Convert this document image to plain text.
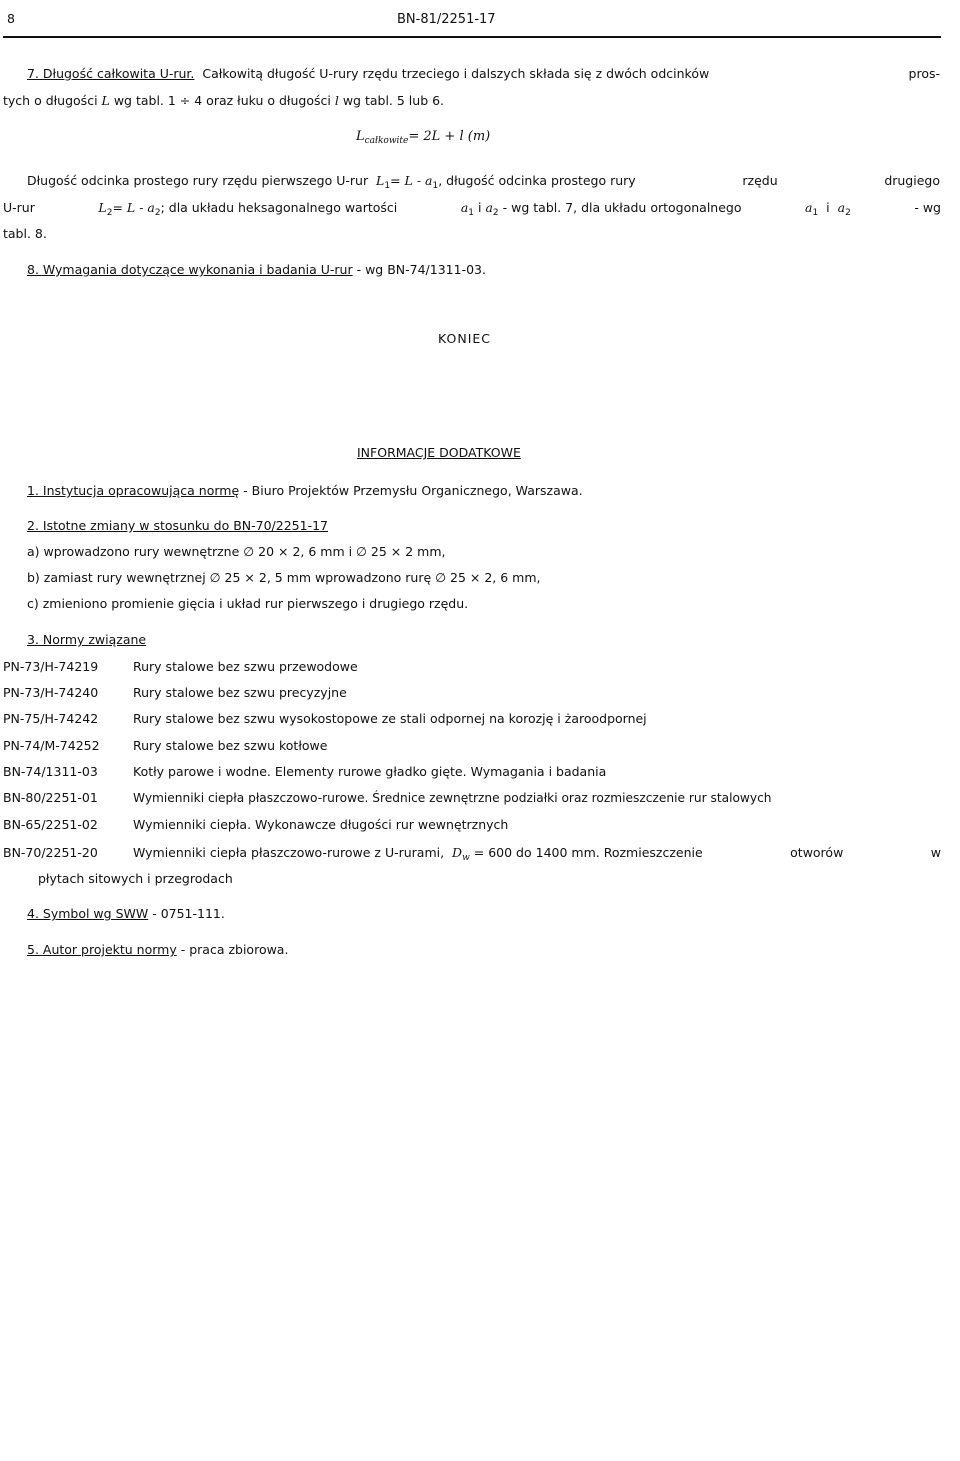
8	BN-81/2251-17
7. Długość całkowita U-rur. Całkowitą długość U-rury rzędu trzeciego i dalszych składa się z dwóch odcinków	pros-
tych o długości L wg tabl. 1 ÷ 4 oraz łuku o długości l wg tabl. 5 lub 6.
$L_{całkowite}= 2L + l$ (m)
Długość odcinka prostego rury rzędu pierwszego U-rur $L_1= L - a_1$, długość odcinka prostego rury	rzędu	drugiego
U-rur	$L_2= L - a_2$; dla układu heksagonalnego wartości	$a_1$ i $a_2$ - wg tabl. 7, dla układu ortogonalnego	$a_1$ i $a_2$	- wg
tabl. 8.
8. Wymagania dotyczące wykonania i badania U-rur - wg BN-74/1311-03.
KONIEC
INFORMACJE DODATKOWE
1. Instytucja opracowująca normę - Biuro Projektów Przemysłu Organicznego, Warszawa.
2. Istotne zmiany w stosunku do BN-70/2251-17
a) wprowadzono rury wewnętrzne ∅ 20 × 2, 6 mm i ∅ 25 × 2 mm,
b) zamiast rury wewnętrznej ∅ 25 × 2, 5 mm wprowadzono rurę ∅ 25 × 2, 6 mm,
c) zmieniono promienie gięcia i układ rur pierwszego i drugiego rzędu.
3. Normy związane
PN-73/H-74219	Rury stalowe bez szwu przewodowe
PN-73/H-74240	Rury stalowe bez szwu precyzyjne
PN-75/H-74242	Rury stalowe bez szwu wysokostopowe ze stali odpornej na korozję i żaroodpornej
PN-74/M-74252	Rury stalowe bez szwu kotłowe
BN-74/1311-03	Kotły parowe i wodne. Elementy rurowe gładko gięte. Wymagania i badania
BN-80/2251-01	Wymienniki ciepła płaszczowo-rurowe. Średnice zewnętrzne podziałki oraz rozmieszczenie rur stalowych
BN-65/2251-02	Wymienniki ciepła. Wykonawcze długości rur wewnętrznych
BN-70/2251-20	Wymienniki ciepła płaszczowo-rurowe z U-rurami, $D_w = 600$ do 1400 mm. Rozmieszczenie	otworów	w
płytach sitowych i przegrodach
4. Symbol wg SWW - 0751-111.
5. Autor projektu normy - praca zbiorowa.
